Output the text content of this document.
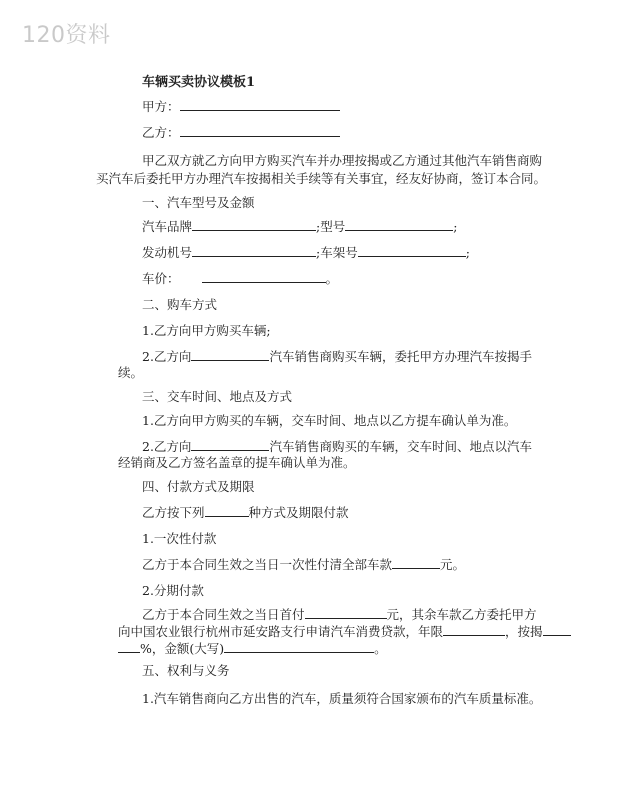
120资料
车辆买卖协议模板1
甲方：
乙方：
甲乙双方就乙方向甲方购买汽车并办理按揭或乙方通过其他汽车销售商购
买汽车后委托甲方办理汽车按揭相关手续等有关事宜，经友好协商，签订本合同。
一、汽车型号及金额
汽车品牌	;型号	;
发动机号	;车架号	;
车价：	。
二、购车方式
1.乙方向甲方购买车辆;
2.乙方向	汽车销售商购买车辆，委托甲方办理汽车按揭手
续。
三、交车时间、地点及方式
1.乙方向甲方购买的车辆，交车时间、地点以乙方提车确认单为准。
2.乙方向	汽车销售商购买的车辆，交车时间、地点以汽车
经销商及乙方签名盖章的提车确认单为准。
四、付款方式及期限
乙方按下列	种方式及期限付款
1.一次性付款
乙方于本合同生效之当日一次性付清全部车款	元。
2.分期付款
乙方于本合同生效之当日首付	元，其余车款乙方委托甲方
向中国农业银行杭州市延安路支行申请汽车消费贷款，年限	，按揭
%，金额(大写)	。
五、权利与义务
1.汽车销售商向乙方出售的汽车，质量须符合国家颁布的汽车质量标准。
